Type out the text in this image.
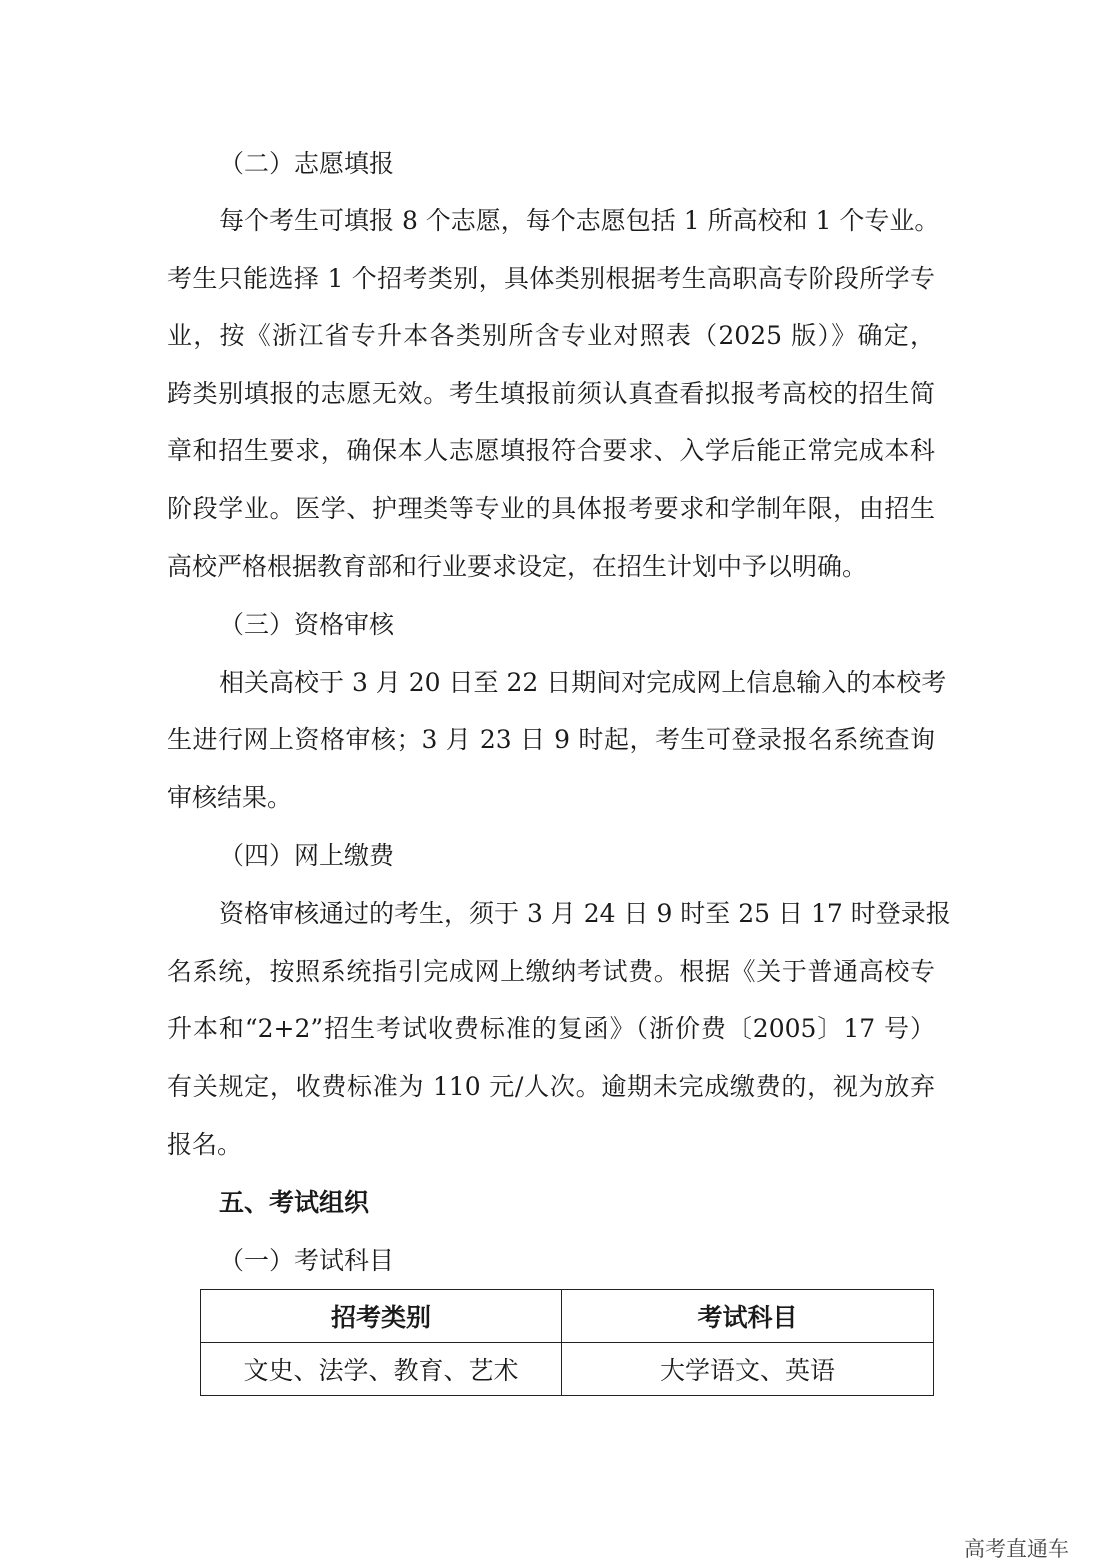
（二）志愿填报
每个考生可填报 8 个志愿，每个志愿包括 1 所高校和 1 个专业。
考生只能选择 1 个招考类别，具体类别根据考生高职高专阶段所学专
业，按《浙江省专升本各类别所含专业对照表（2025 版）》确定，
跨类别填报的志愿无效。考生填报前须认真查看拟报考高校的招生简
章和招生要求，确保本人志愿填报符合要求、入学后能正常完成本科
阶段学业。医学、护理类等专业的具体报考要求和学制年限，由招生
高校严格根据教育部和行业要求设定，在招生计划中予以明确。
（三）资格审核
相关高校于 3 月 20 日至 22 日期间对完成网上信息输入的本校考
生进行网上资格审核；3 月 23 日 9 时起，考生可登录报名系统查询
审核结果。
（四）网上缴费
资格审核通过的考生，须于 3 月 24 日 9 时至 25 日 17 时登录报
名系统，按照系统指引完成网上缴纳考试费。根据《关于普通高校专
升本和“2+2”招生考试收费标准的复函》（浙价费〔2005〕17 号）
有关规定，收费标准为 110 元/人次。逾期未完成缴费的，视为放弃
报名。
五、考试组织
（一）考试科目
招考类别	考试科目
文史、法学、教育、艺术	大学语文、英语
高考直通车
